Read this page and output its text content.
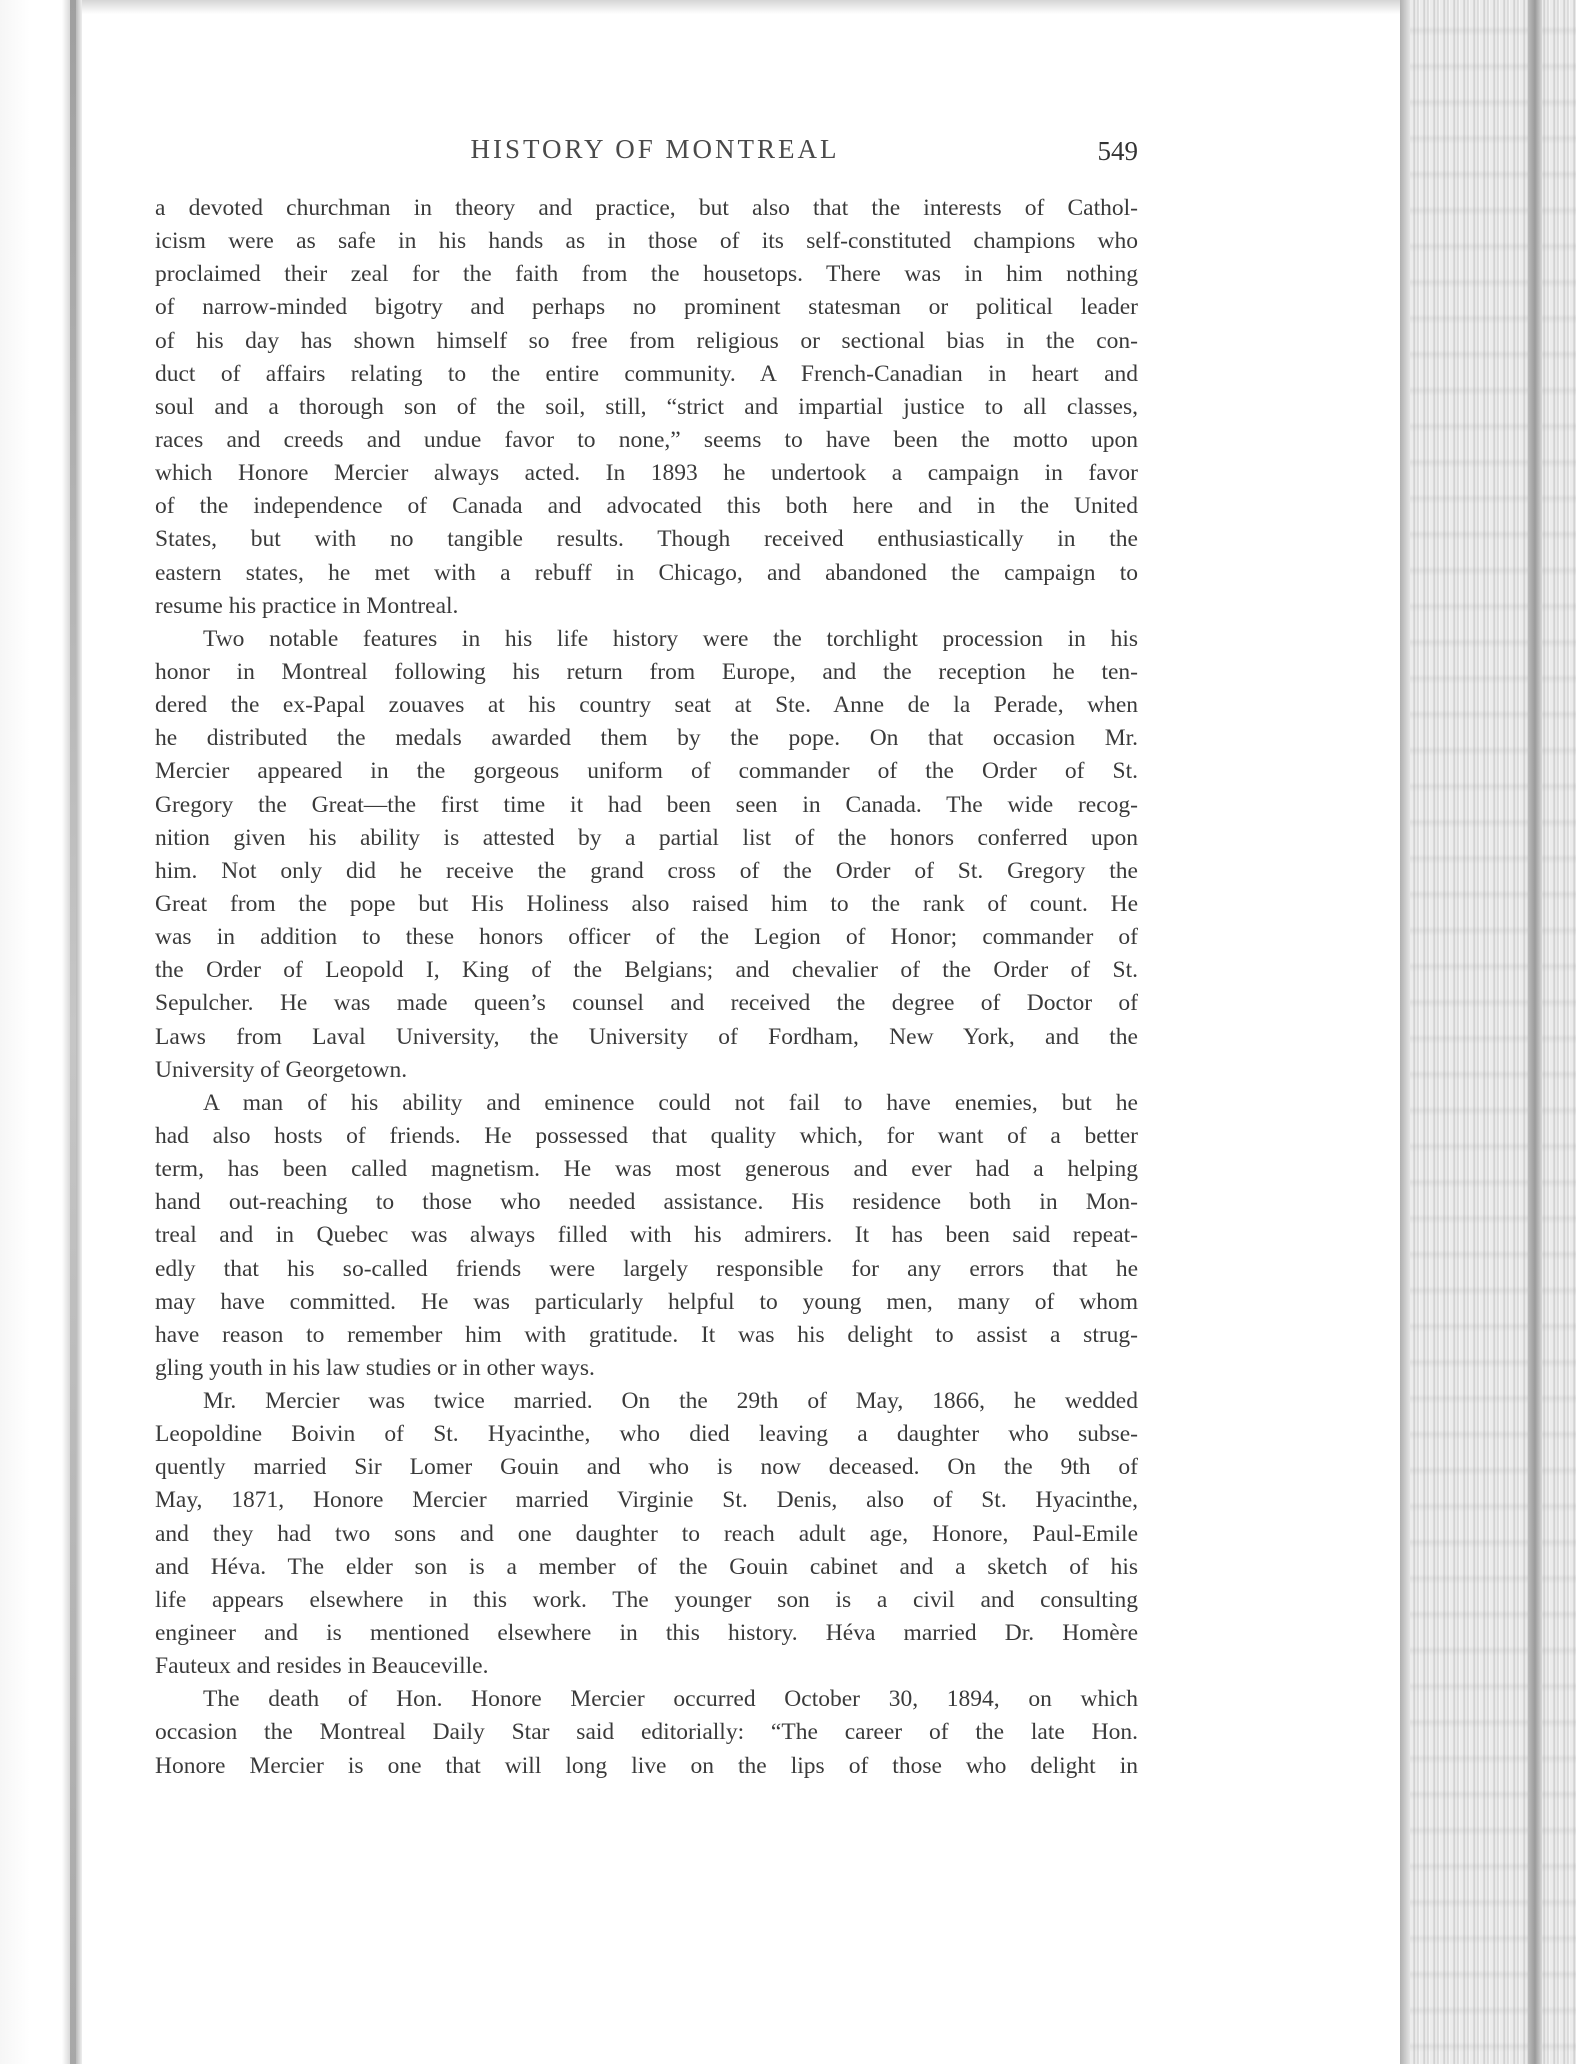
HISTORY OF MONTREAL	549
a devoted churchman in theory and practice, but also that the interests of Cathol-
icism were as safe in his hands as in those of its self-constituted champions who
proclaimed their zeal for the faith from the housetops. There was in him nothing
of narrow-minded bigotry and perhaps no prominent statesman or political leader
of his day has shown himself so free from religious or sectional bias in the con-
duct of affairs relating to the entire community. A French-Canadian in heart and
soul and a thorough son of the soil, still, “strict and impartial justice to all classes,
races and creeds and undue favor to none,” seems to have been the motto upon
which Honore Mercier always acted. In 1893 he undertook a campaign in favor
of the independence of Canada and advocated this both here and in the United
States, but with no tangible results. Though received enthusiastically in the
eastern states, he met with a rebuff in Chicago, and abandoned the campaign to
resume his practice in Montreal.
Two notable features in his life history were the torchlight procession in his
honor in Montreal following his return from Europe, and the reception he ten-
dered the ex-Papal zouaves at his country seat at Ste. Anne de la Perade, when
he distributed the medals awarded them by the pope. On that occasion Mr.
Mercier appeared in the gorgeous uniform of commander of the Order of St.
Gregory the Great—the first time it had been seen in Canada. The wide recog-
nition given his ability is attested by a partial list of the honors conferred upon
him. Not only did he receive the grand cross of the Order of St. Gregory the
Great from the pope but His Holiness also raised him to the rank of count. He
was in addition to these honors officer of the Legion of Honor; commander of
the Order of Leopold I, King of the Belgians; and chevalier of the Order of St.
Sepulcher. He was made queen’s counsel and received the degree of Doctor of
Laws from Laval University, the University of Fordham, New York, and the
University of Georgetown.
A man of his ability and eminence could not fail to have enemies, but he
had also hosts of friends. He possessed that quality which, for want of a better
term, has been called magnetism. He was most generous and ever had a helping
hand out-reaching to those who needed assistance. His residence both in Mon-
treal and in Quebec was always filled with his admirers. It has been said repeat-
edly that his so-called friends were largely responsible for any errors that he
may have committed. He was particularly helpful to young men, many of whom
have reason to remember him with gratitude. It was his delight to assist a strug-
gling youth in his law studies or in other ways.
Mr. Mercier was twice married. On the 29th of May, 1866, he wedded
Leopoldine Boivin of St. Hyacinthe, who died leaving a daughter who subse-
quently married Sir Lomer Gouin and who is now deceased. On the 9th of
May, 1871, Honore Mercier married Virginie St. Denis, also of St. Hyacinthe,
and they had two sons and one daughter to reach adult age, Honore, Paul-Emile
and Héva. The elder son is a member of the Gouin cabinet and a sketch of his
life appears elsewhere in this work. The younger son is a civil and consulting
engineer and is mentioned elsewhere in this history. Héva married Dr. Homère
Fauteux and resides in Beauceville.
The death of Hon. Honore Mercier occurred October 30, 1894, on which
occasion the Montreal Daily Star said editorially: “The career of the late Hon.
Honore Mercier is one that will long live on the lips of those who delight in
